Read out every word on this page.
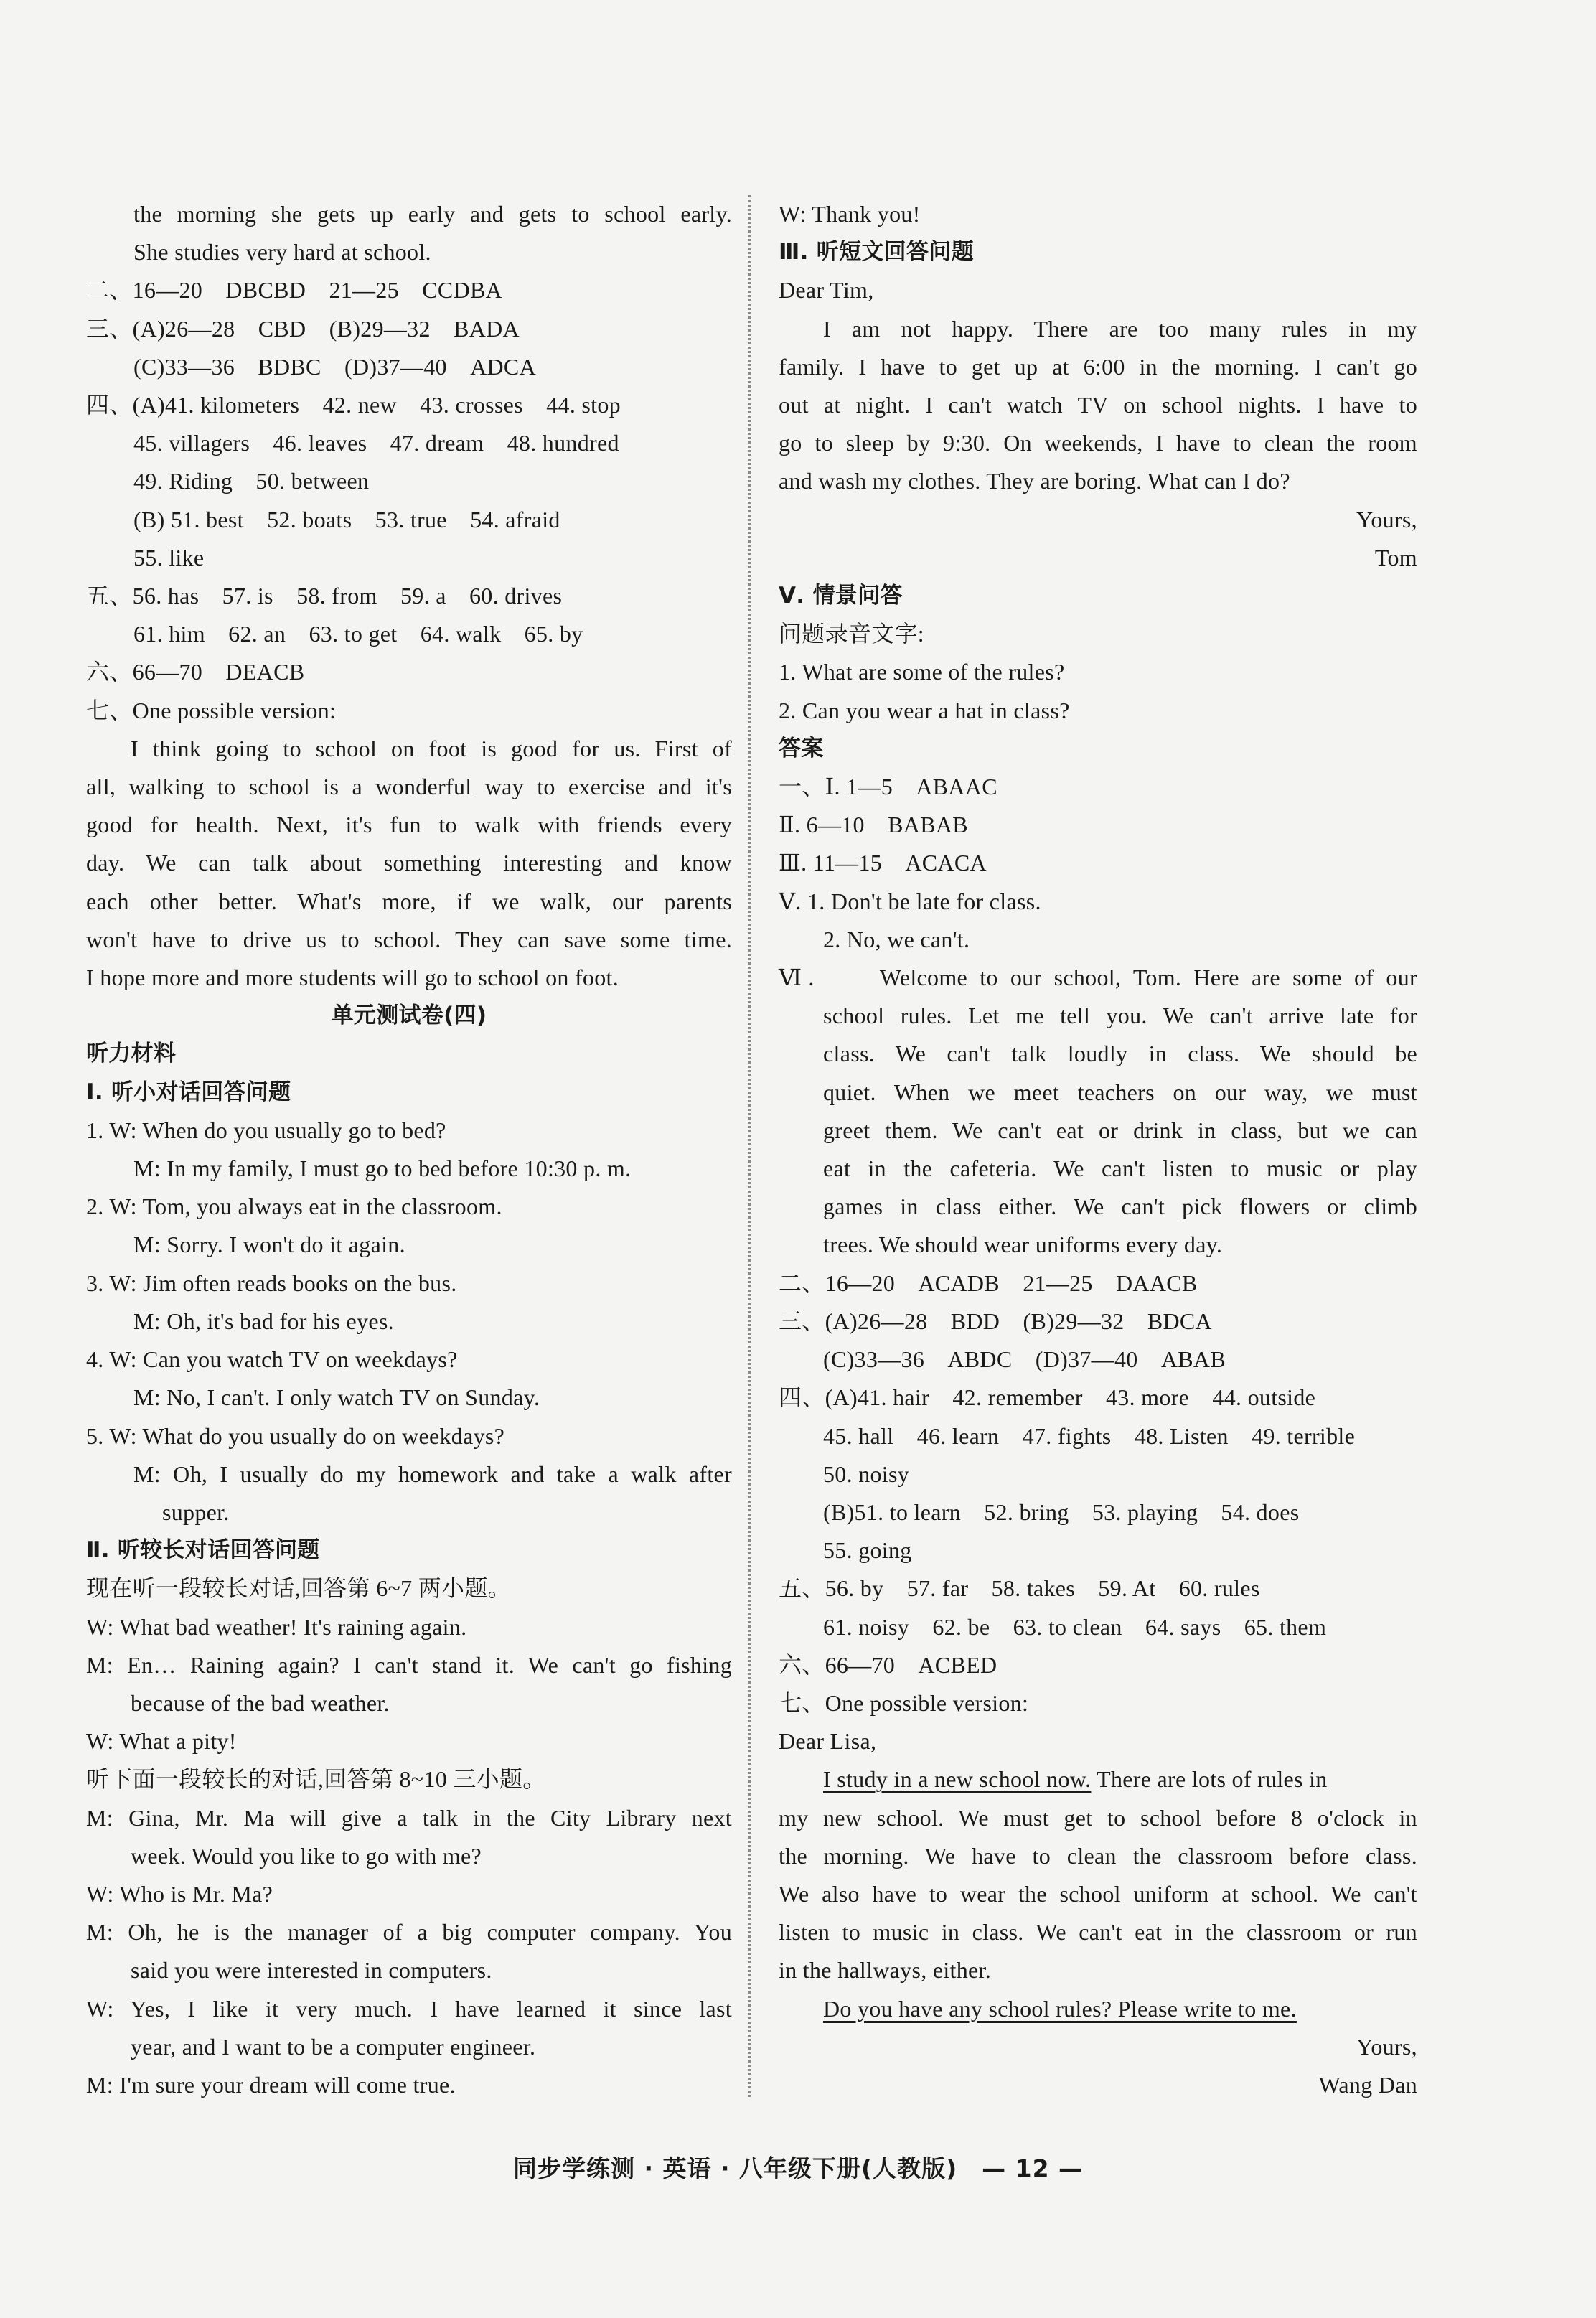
the morning she gets up early and gets to school early.
She studies very hard at school.
二、16—20　DBCBD　21—25　CCDBA
三、(A)26—28　CBD　(B)29—32　BADA
(C)33—36　BDBC　(D)37—40　ADCA
四、(A)41. kilometers　42. new　43. crosses　44. stop
45. villagers　46. leaves　47. dream　48. hundred
49. Riding　50. between
(B) 51. best　52. boats　53. true　54. afraid
55. like
五、56. has　57. is　58. from　59. a　60. drives
61. him　62. an　63. to get　64. walk　65. by
六、66—70　DEACB
七、One possible version:
I think going to school on foot is good for us. First of
all, walking to school is a wonderful way to exercise and it's
good for health. Next, it's fun to walk with friends every
day. We can talk about something interesting and know
each other better. What's more, if we walk, our parents
won't have to drive us to school. They can save some time.
I hope more and more students will go to school on foot.
单元测试卷(四)
听力材料
Ⅰ. 听小对话回答问题
1. W: When do you usually go to bed?
M: In my family, I must go to bed before 10:30 p. m.
2. W: Tom, you always eat in the classroom.
M: Sorry. I won't do it again.
3. W: Jim often reads books on the bus.
M: Oh, it's bad for his eyes.
4. W: Can you watch TV on weekdays?
M: No, I can't. I only watch TV on Sunday.
5. W: What do you usually do on weekdays?
M: Oh, I usually do my homework and take a walk after
supper.
Ⅱ. 听较长对话回答问题
现在听一段较长对话,回答第 6~7 两小题。
W: What bad weather! It's raining again.
M: En… Raining again? I can't stand it. We can't go fishing
because of the bad weather.
W: What a pity!
听下面一段较长的对话,回答第 8~10 三小题。
M: Gina, Mr. Ma will give a talk in the City Library next
week. Would you like to go with me?
W: Who is Mr. Ma?
M: Oh, he is the manager of a big computer company. You
said you were interested in computers.
W: Yes, I like it very much. I have learned it since last
year, and I want to be a computer engineer.
M: I'm sure your dream will come true.
W: Thank you!
Ⅲ. 听短文回答问题
Dear Tim,
I am not happy. There are too many rules in my
family. I have to get up at 6:00 in the morning. I can't go
out at night. I can't watch TV on school nights. I have to
go to sleep by 9:30. On weekends, I have to clean the room
and wash my clothes. They are boring. What can I do?
Yours,
Tom
Ⅴ. 情景问答
问题录音文字:
1. What are some of the rules?
2. Can you wear a hat in class?
答案
一、Ⅰ. 1—5　ABAAC
Ⅱ. 6—10　BABAB
Ⅲ. 11—15　ACACA
Ⅴ. 1. Don't be late for class.
2. No, we can't.
Ⅵ.　　Welcome to our school, Tom. Here are some of our
school rules. Let me tell you. We can't arrive late for
class. We can't talk loudly in class. We should be
quiet. When we meet teachers on our way, we must
greet them. We can't eat or drink in class, but we can
eat in the cafeteria. We can't listen to music or play
games in class either. We can't pick flowers or climb
trees. We should wear uniforms every day.
二、16—20　ACADB　21—25　DAACB
三、(A)26—28　BDD　(B)29—32　BDCA
(C)33—36　ABDC　(D)37—40　ABAB
四、(A)41. hair　42. remember　43. more　44. outside
45. hall　46. learn　47. fights　48. Listen　49. terrible
50. noisy
(B)51. to learn　52. bring　53. playing　54. does
55. going
五、56. by　57. far　58. takes　59. At　60. rules
61. noisy　62. be　63. to clean　64. says　65. them
六、66—70　ACBED
七、One possible version:
Dear Lisa,
I study in a new school now. There are lots of rules in
my new school. We must get to school before 8 o'clock in
the morning. We have to clean the classroom before class.
We also have to wear the school uniform at school. We can't
listen to music in class. We can't eat in the classroom or run
in the hallways, either.
Do you have any school rules? Please write to me.
Yours,
Wang Dan
同步学练测 · 英语 · 八年级下册(人教版)　— 12 —
